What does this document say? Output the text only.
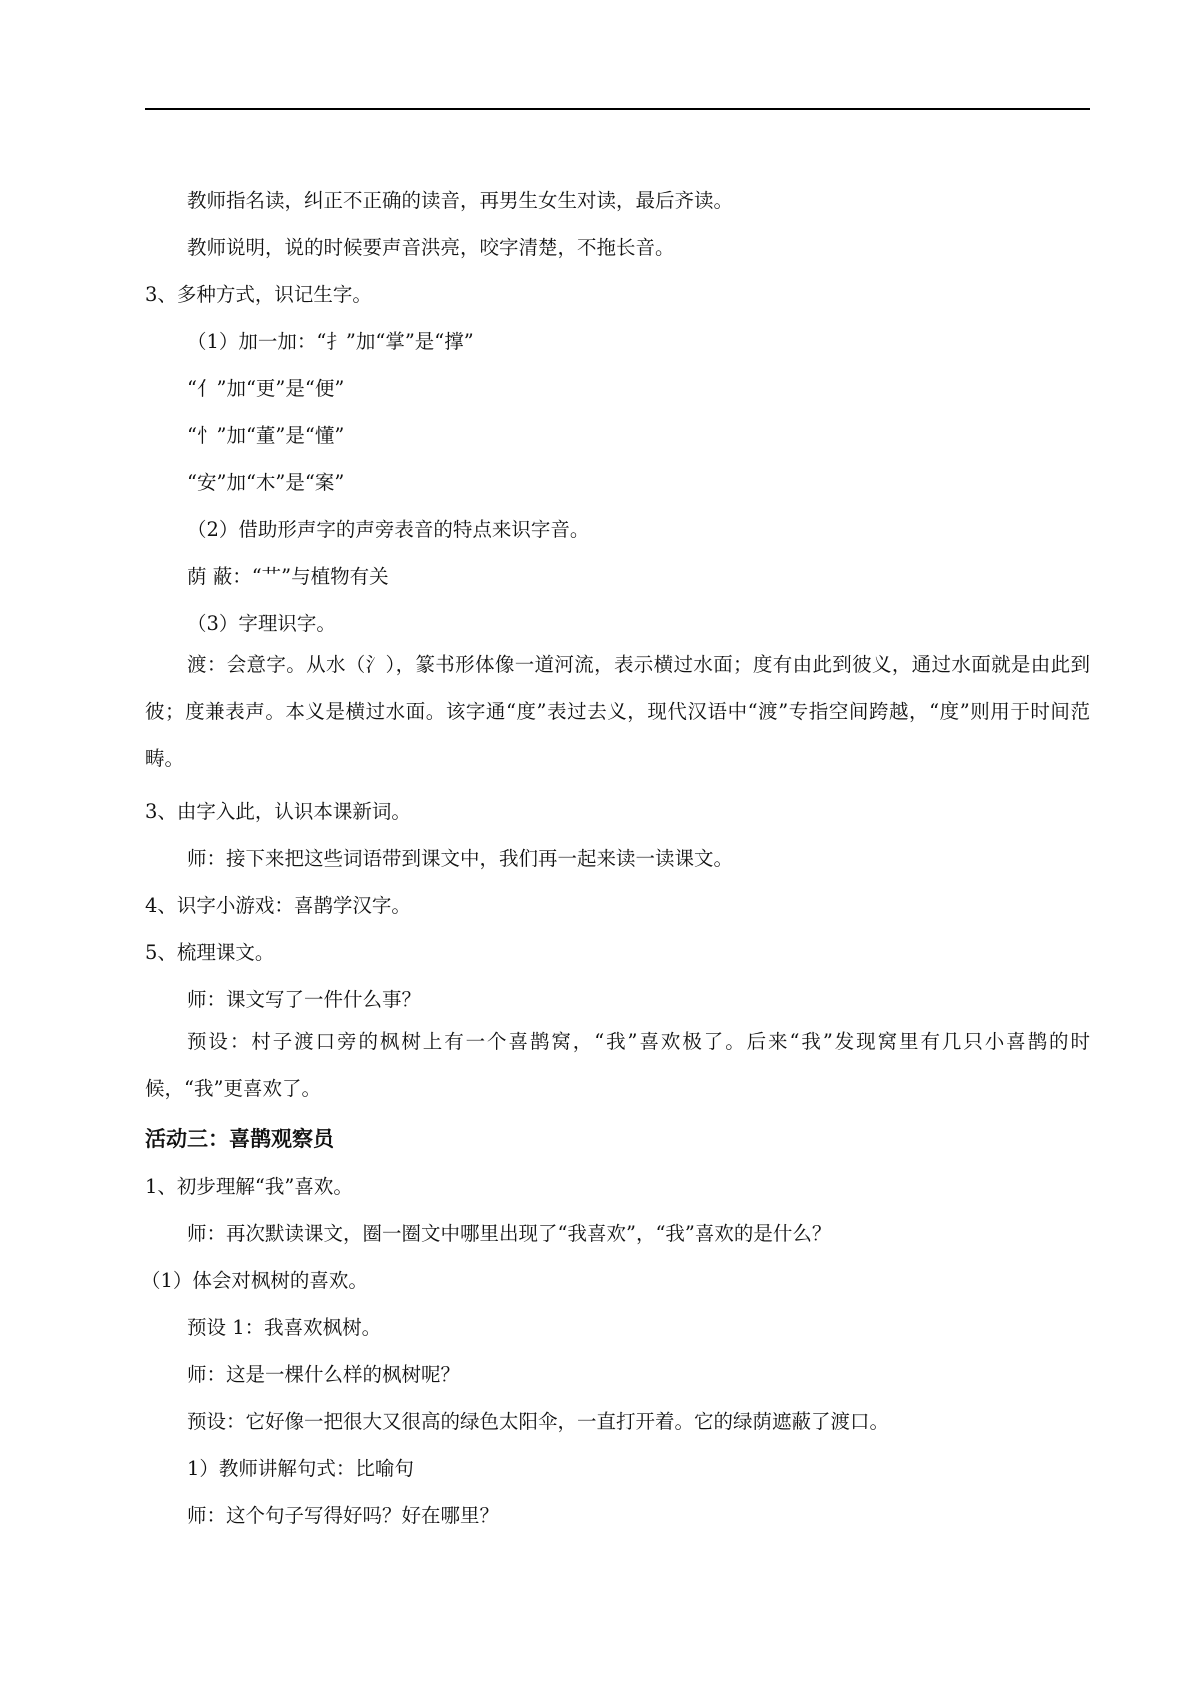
教师指名读，纠正不正确的读音，再男生女生对读，最后齐读。
教师说明，说的时候要声音洪亮，咬字清楚，不拖长音。
3、多种方式，识记生字。
（1）加一加：“扌”加“掌”是“撑”
“亻”加“更”是“便”
“忄”加“董”是“懂”
“安”加“木”是“案”
（2）借助形声字的声旁表音的特点来识字音。
荫 蔽：“艹”与植物有关
（3）字理识字。
渡：会意字。从水（氵），篆书形体像一道河流，表示横过水面；度有由此到彼义，通过水面就是由此到彼；度兼表声。本义是横过水面。该字通“度”表过去义，现代汉语中“渡”专指空间跨越，“度”则用于时间范畴。
3、由字入此，认识本课新词。
师：接下来把这些词语带到课文中，我们再一起来读一读课文。
4、识字小游戏：喜鹊学汉字。
5、梳理课文。
师：课文写了一件什么事？
预设：村子渡口旁的枫树上有一个喜鹊窝，“我”喜欢极了。后来“我”发现窝里有几只小喜鹊的时候，“我”更喜欢了。
活动三：喜鹊观察员
1、初步理解“我”喜欢。
师：再次默读课文，圈一圈文中哪里出现了“我喜欢”，“我”喜欢的是什么？
（1）体会对枫树的喜欢。
预设 1：我喜欢枫树。
师：这是一棵什么样的枫树呢？
预设：它好像一把很大又很高的绿色太阳伞，一直打开着。它的绿荫遮蔽了渡口。
1）教师讲解句式：比喻句
师：这个句子写得好吗？好在哪里？
